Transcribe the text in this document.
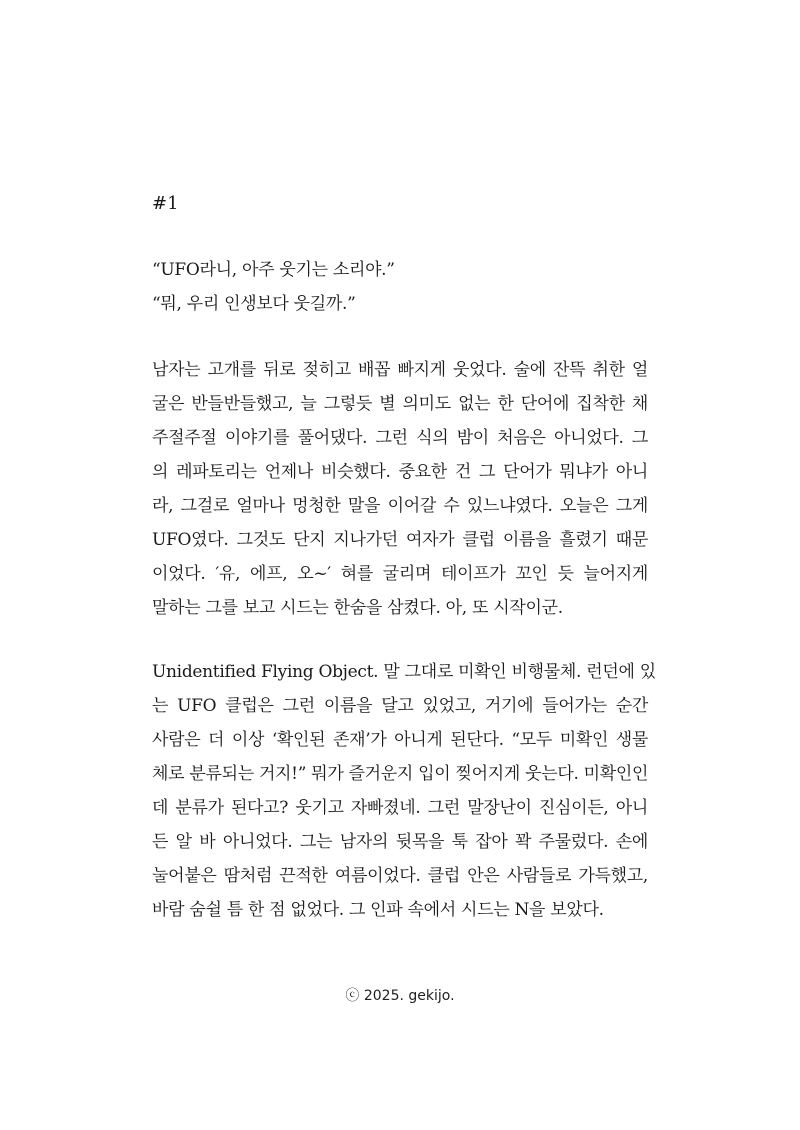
#1
“UFO라니, 아주 웃기는 소리야.”
“뭐, 우리 인생보다 웃길까.”
남자는 고개를 뒤로 젖히고 배꼽 빠지게 웃었다. 술에 잔뜩 취한 얼
굴은 반들반들했고, 늘 그렇듯 별 의미도 없는 한 단어에 집착한 채
주절주절 이야기를 풀어댔다. 그런 식의 밤이 처음은 아니었다. 그
의 레파토리는 언제나 비슷했다. 중요한 건 그 단어가 뭐냐가 아니
라, 그걸로 얼마나 멍청한 말을 이어갈 수 있느냐였다. 오늘은 그게
UFO였다. 그것도 단지 지나가던 여자가 클럽 이름을 흘렸기 때문
이었다. ′유, 에프, 오~′ 혀를 굴리며 테이프가 꼬인 듯 늘어지게
말하는 그를 보고 시드는 한숨을 삼켰다. 아, 또 시작이군.
Unidentified Flying Object. 말 그대로 미확인 비행물체. 런던에 있
는 UFO 클럽은 그런 이름을 달고 있었고, 거기에 들어가는 순간
사람은 더 이상 ‘확인된 존재’가 아니게 된단다. “모두 미확인 생물
체로 분류되는 거지!” 뭐가 즐거운지 입이 찢어지게 웃는다. 미확인인
데 분류가 된다고? 웃기고 자빠졌네. 그런 말장난이 진심이든, 아니
든 알 바 아니었다. 그는 남자의 뒷목을 툭 잡아 꽉 주물렀다. 손에
눌어붙은 땀처럼 끈적한 여름이었다. 클럽 안은 사람들로 가득했고,
바람 숨쉴 틈 한 점 없었다. 그 인파 속에서 시드는 N을 보았다.
ⓒ 2025. gekijo.
